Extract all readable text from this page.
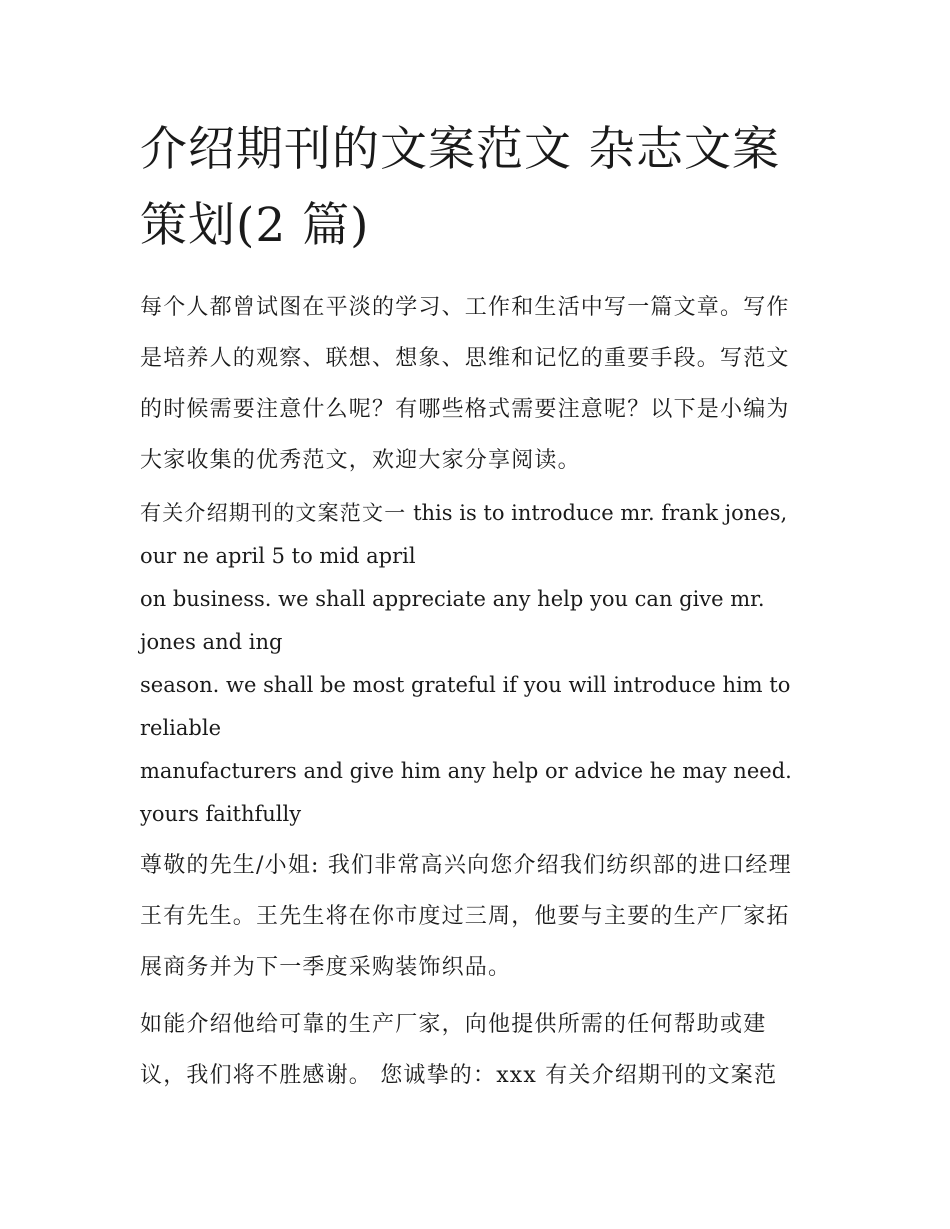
介绍期刊的文案范文 杂志文案策划(2 篇)

每个人都曾试图在平淡的学习、工作和生活中写一篇文章。写作是培养人的观察、联想、想象、思维和记忆的重要手段。写范文的时候需要注意什么呢？有哪些格式需要注意呢？以下是小编为大家收集的优秀范文，欢迎大家分享阅读。

有关介绍期刊的文案范文一 this is to introduce mr. frank jones, our ne april 5 to mid april
on business. we shall appreciate any help you can give mr. jones and ing
season. we shall be most grateful if you will introduce him to reliable
manufacturers and give him any help or advice he may need. yours faithfully

尊敬的先生/小姐: 我们非常高兴向您介绍我们纺织部的进口经理王有先生。王先生将在你市度过三周，他要与主要的生产厂家拓展商务并为下一季度采购装饰织品。

如能介绍他给可靠的生产厂家，向他提供所需的任何帮助或建议，我们将不胜感谢。 您诚挚的：xxx 有关介绍期刊的文案范
